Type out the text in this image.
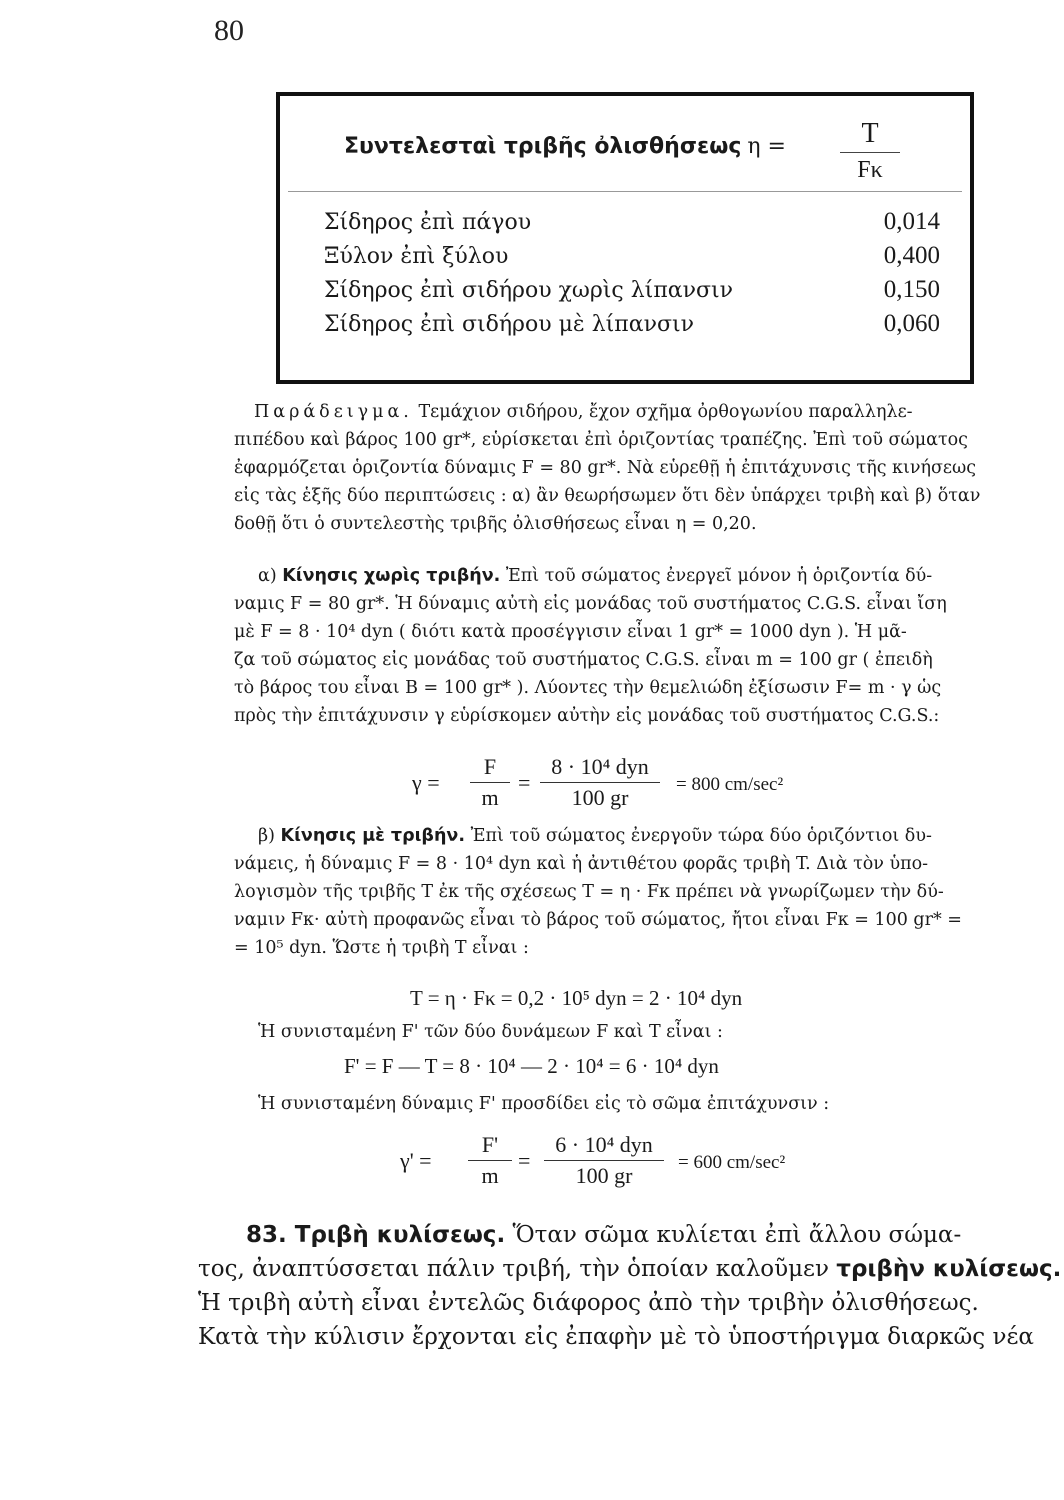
80
Συντελεσταὶ τριβῆς ὀλισθήσεως η =	T
Fκ
Σίδηρος ἐπὶ πάγου	0,014
Ξύλον ἐπὶ ξύλου	0,400
Σίδηρος ἐπὶ σιδήρου χωρὶς λίπανσιν	0,150
Σίδηρος ἐπὶ σιδήρου μὲ λίπανσιν	0,060
Παράδειγμα. Τεμάχιον σιδήρου, ἔχον σχῆμα ὀρθογωνίου παραλληλε-
πιπέδου καὶ βάρος 100 gr*, εὑρίσκεται ἐπὶ ὁριζοντίας τραπέζης. Ἐπὶ τοῦ σώματος
ἐφαρμόζεται ὁριζοντία δύναμις F = 80 gr*. Νὰ εὑρεθῇ ἡ ἐπιτάχυνσις τῆς κινήσεως
εἰς τὰς ἑξῆς δύο περιπτώσεις : α) ἂν θεωρήσωμεν ὅτι δὲν ὑπάρχει τριβὴ καὶ β) ὅταν
δοθῇ ὅτι ὁ συντελεστὴς τριβῆς ὀλισθήσεως εἶναι η = 0,20.
α) Κίνησις χωρὶς τριβήν. Ἐπὶ τοῦ σώματος ἐνεργεῖ μόνον ἡ ὁριζοντία δύ-
ναμις F = 80 gr*. Ἡ δύναμις αὐτὴ εἰς μονάδας τοῦ συστήματος C.G.S. εἶναι ἴση
μὲ F = 8 · 10⁴ dyn ( διότι κατὰ προσέγγισιν εἶναι 1 gr* = 1000 dyn ). Ἡ μᾶ-
ζα τοῦ σώματος εἰς μονάδας τοῦ συστήματος C.G.S. εἶναι m = 100 gr ( ἐπειδὴ
τὸ βάρος του εἶναι B = 100 gr* ). Λύοντες τὴν θεμελιώδη ἐξίσωσιν F= m · γ ὡς
πρὸς τὴν ἐπιτάχυνσιν γ εὑρίσκομεν αὐτὴν εἰς μονάδας τοῦ συστήματος C.G.S.:
γ =
F
m
=
8 · 10⁴ dyn
100 gr
= 800 cm/sec²
β) Κίνησις μὲ τριβήν. Ἐπὶ τοῦ σώματος ἐνεργοῦν τώρα δύο ὁριζόντιοι δυ-
νάμεις, ἡ δύναμις F = 8 · 10⁴ dyn καὶ ἡ ἀντιθέτου φορᾶς τριβὴ T. Διὰ τὸν ὑπο-
λογισμὸν τῆς τριβῆς T ἐκ τῆς σχέσεως T = η · Fκ πρέπει νὰ γνωρίζωμεν τὴν δύ-
ναμιν Fκ· αὐτὴ προφανῶς εἶναι τὸ βάρος τοῦ σώματος, ἤτοι εἶναι Fκ = 100 gr* =
= 10⁵ dyn. Ὥστε ἡ τριβὴ T εἶναι :
T = η · Fκ = 0,2 · 10⁵ dyn = 2 · 10⁴ dyn
Ἡ συνισταμένη F' τῶν δύο δυνάμεων F καὶ T εἶναι :
F' = F — T = 8 · 10⁴ — 2 · 10⁴ = 6 · 10⁴ dyn
Ἡ συνισταμένη δύναμις F' προσδίδει εἰς τὸ σῶμα ἐπιτάχυνσιν :
γ' =
F'
m
=
6 · 10⁴ dyn
100 gr
= 600 cm/sec²
83. Τριβὴ κυλίσεως. Ὅταν σῶμα κυλίεται ἐπὶ ἄλλου σώμα-
τος, ἀναπτύσσεται πάλιν τριβή, τὴν ὁποίαν καλοῦμεν τριβὴν κυλίσεως.
Ἡ τριβὴ αὐτὴ εἶναι ἐντελῶς διάφορος ἀπὸ τὴν τριβὴν ὀλισθήσεως.
Κατὰ τὴν κύλισιν ἔρχονται εἰς ἐπαφὴν μὲ τὸ ὑποστήριγμα διαρκῶς νέα
